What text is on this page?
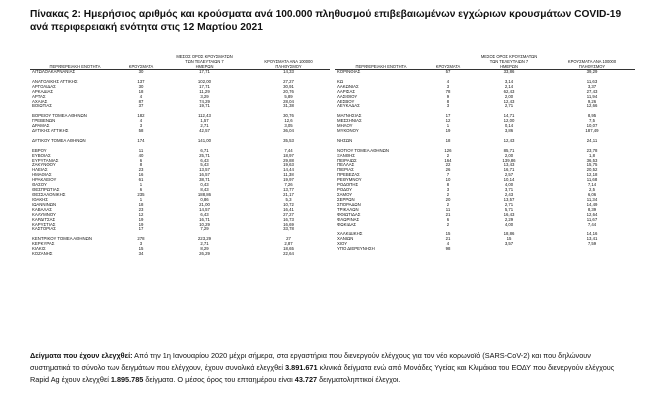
Πίνακας 2: Ημερήσιος αριθμός και κρούσματα ανά 100.000 πληθυσμού επιβεβαιωμένων εγχώριων κρουσμάτων COVID-19 ανά περιφερειακή ενότητα στις 12 Μαρτίου 2021
		ΜΕΣΟΣ ΟΡΟΣ ΚΡΟΥΣΜΑΤΩΝ	
		ΤΩΝ ΤΕΛΕΥΤΑΙΩΝ 7	ΚΡΟΥΣΜΑΤΑ ΑΝΑ 100000
ΠΕΡΙΦΕΡΕΙΑΚΗ ΕΝΟΤΗΤΑ	ΚΡΟΥΣΜΑΤΑ	ΗΜΕΡΩΝ	ΠΛΗΘΥΣΜΟΥ
ΑΙΤΩΛΟΑΚΑΡΝΑΝΙΑΣ	30	17,71	14,33

ΑΝΑΤΟΛΙΚΗΣ ΑΤΤΙΚΗΣ	137	102,00	27,27
ΑΡΓΟΛΙΔΑΣ	30	17,71	30,91
ΑΡΚΑΔΙΑΣ	18	11,29	20,76
ΑΡΤΑΣ	4	3,29	5,89
ΑΧΑΪΑΣ	87	74,29	28,04
ΒΟΙΩΤΙΑΣ	37	19,71	31,38

ΒΟΡΕΙΟΥ ΤΟΜΕΑ ΑΘΗΝΩΝ	182	112,43	30,76
ΓΡΕΒΕΝΩΝ	4	1,57	12,6
ΔΡΑΜΑΣ	3	2,71	3,05
ΔΥΤΙΚΗΣ ΑΤΤΙΚΗΣ	58	42,57	36,04

ΔΥΤΙΚΟΥ ΤΟΜΕΑ ΑΘΗΝΩΝ	174	141,00	35,53

ΕΒΡΟΥ	11	6,71	7,44
ΕΥΒΟΙΑΣ	40	25,71	18,97
ΕΥΡΥΤΑΝΙΑΣ	6	6,43	29,88
ΖΑΚΥΝΘΟΥ	8	5,43	19,63
ΗΛΕΙΑΣ	23	13,57	14,44
ΗΜΑΘΙΑΣ	16	16,57	11,38
ΗΡΑΚΛΕΙΟΥ	61	38,71	19,97
ΘΑΣΟΥ	1	0,43	7,26
ΘΕΣΠΡΩΤΙΑΣ	6	8,43	13,77
ΘΕΣΣΑΛΟΝΙΚΗΣ	235	188,86	21,17
ΙΘΑΚΗΣ	1	0,86	5,3
ΙΩΑΝΝΙΝΩΝ	18	21,00	10,72
ΚΑΒΑΛΑΣ	23	14,57	16,41
ΚΑΛΥΜΝΟΥ	12	6,43	27,27
ΚΑΡΔΙΤΣΑΣ	19	16,71	16,73
ΚΑΡΥΣΤΙΑΣ	19	10,29	16,69
ΚΑΣΤΟΡΙΑΣ	17	7,29	33,78

ΚΕΝΤΡΙΚΟΥ ΤΟΜΕΑ ΑΘΗΝΩΝ	278	223,29	27
ΚΕΡΚΥΡΑΣ	3	2,71	2,87
ΚΙΛΚΙΣ	15	8,29	18,65
ΚΟΖΑΝΗΣ	34	26,29	22,64
		ΜΕΣΟΣ ΟΡΟΣ ΚΡΟΥΣΜΑΤΩΝ	
		ΤΩΝ ΤΕΛΕΥΤΑΙΩΝ 7	ΚΡΟΥΣΜΑΤΑ ΑΝΑ 100000
ΠΕΡΙΦΕΡΕΙΑΚΗ ΕΝΟΤΗΤΑ	ΚΡΟΥΣΜΑΤΑ	ΗΜΕΡΩΝ	ΠΛΗΘΥΣΜΟΥ
ΚΟΡΙΝΘΙΑΣ	57	33,86	39,29

ΚΩ	4	3,14	11,63
ΛΑΚΩΝΙΑΣ	3	2,14	3,37
ΛΑΡΙΣΑΣ	78	62,43	27,43
ΛΑΣΙΘΙΟΥ	9	2,00	11,94
ΛΕΣΒΟΥ	8	12,43	9,26
ΛΕΥΚΑΔΑΣ	3	2,71	12,66

ΜΑΓΝΗΣΙΑΣ	17	14,71	8,95
ΜΕΣΣΗΝΙΑΣ	12	12,00	7,5
ΜΗΛΟΥ	1	0,14	10,07
ΜΥΚΟΝΟΥ	19	3,86	187,49

ΝΗΣΩΝ	18	12,43	24,11

ΝΟΤΙΟΥ ΤΟΜΕΑ ΑΘΗΝΩΝ	126	85,71	23,78
ΞΑΝΘΗΣ	2	2,00	1,8
ΠΕΙΡΑΙΩΣ	164	139,86	36,53
ΠΕΛΛΑΣ	22	13,43	15,75
ΠΙΕΡΙΑΣ	26	16,71	20,52
ΠΡΕΒΕΖΑΣ	7	2,57	12,18
ΡΕΘΥΜΝΟΥ	10	10,14	11,68
ΡΟΔΟΠΗΣ	8	4,00	7,14
ΡΟΔΟΥ	3	3,71	2,5
ΣΑΜΟΥ	2	2,43	6,06
ΣΕΡΡΩΝ	20	13,57	11,34
ΣΠΟΡΑΔΩΝ	2	2,71	14,49
ΤΡΙΚΑΛΩΝ	11	5,71	8,39
ΦΘΙΩΤΙΔΑΣ	21	16,43	12,64
ΦΛΩΡΙΝΑΣ	6	2,29	11,67
ΦΩΚΙΔΑΣ	2	4,00	7,44

ΧΑΛΚΙΔΙΚΗΣ	15	18,86	14,16
ΧΑΝΙΩΝ	21	15	13,41
ΧΙΟΥ	4	3,57	7,59
ΥΠΟ ΔΙΕΡΕΥΝΗΣΗ	98		
Δείγματα που έχουν ελεγχθεί: Από την 1η Ιανουαρίου 2020 μέχρι σήμερα, στα εργαστήρια που διενεργούν ελέγχους για τον νέο κορωνοϊό (SARS-CoV-2) και που δηλώνουν συστηματικά το σύνολο των δειγμάτων που ελέγχουν, έχουν συνολικά ελεγχθεί 3.891.671 κλινικά δείγματα ενώ από Μονάδες Υγείας και Κλιμάκια του ΕΟΔΥ που διενεργούν ελέγχους Rapid Ag έχουν ελεγχθεί 1.895.785 δείγματα. Ο μέσος όρος του επταημέρου είναι 43.727 δειγματοληπτικοί έλεγχοι.
